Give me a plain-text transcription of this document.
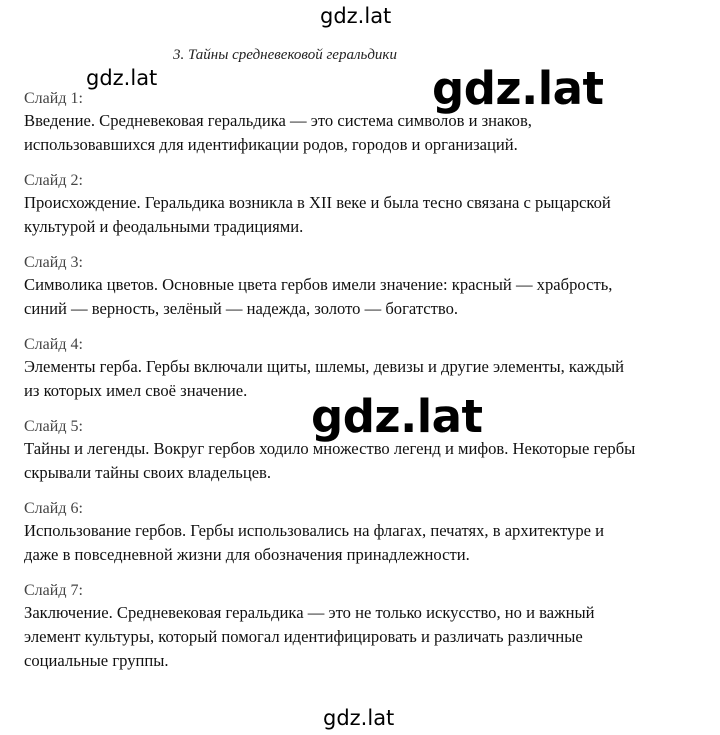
gdz.lat
3. Тайны средневековой геральдики
gdz.lat
Слайд 1:
Введение. Средневековая геральдика — это система символов и знаков,
использовавшихся для идентификации родов, городов и организаций.
Слайд 2:
Происхождение. Геральдика возникла в XII веке и была тесно связана с рыцарской
культурой и феодальными традициями.
Слайд 3:
Символика цветов. Основные цвета гербов имели значение: красный — храбрость,
синий — верность, зелёный — надежда, золото — богатство.
Слайд 4:
Элементы герба. Гербы включали щиты, шлемы, девизы и другие элементы, каждый
из которых имел своё значение.
Слайд 5:
Тайны и легенды. Вокруг гербов ходило множество легенд и мифов. Некоторые гербы
скрывали тайны своих владельцев.
Слайд 6:
Использование гербов. Гербы использовались на флагах, печатях, в архитектуре и
даже в повседневной жизни для обозначения принадлежности.
Слайд 7:
Заключение. Средневековая геральдика — это не только искусство, но и важный
элемент культуры, который помогал идентифицировать и различать различные
социальные группы.
gdz.lat
gdz.lat
gdz.lat
